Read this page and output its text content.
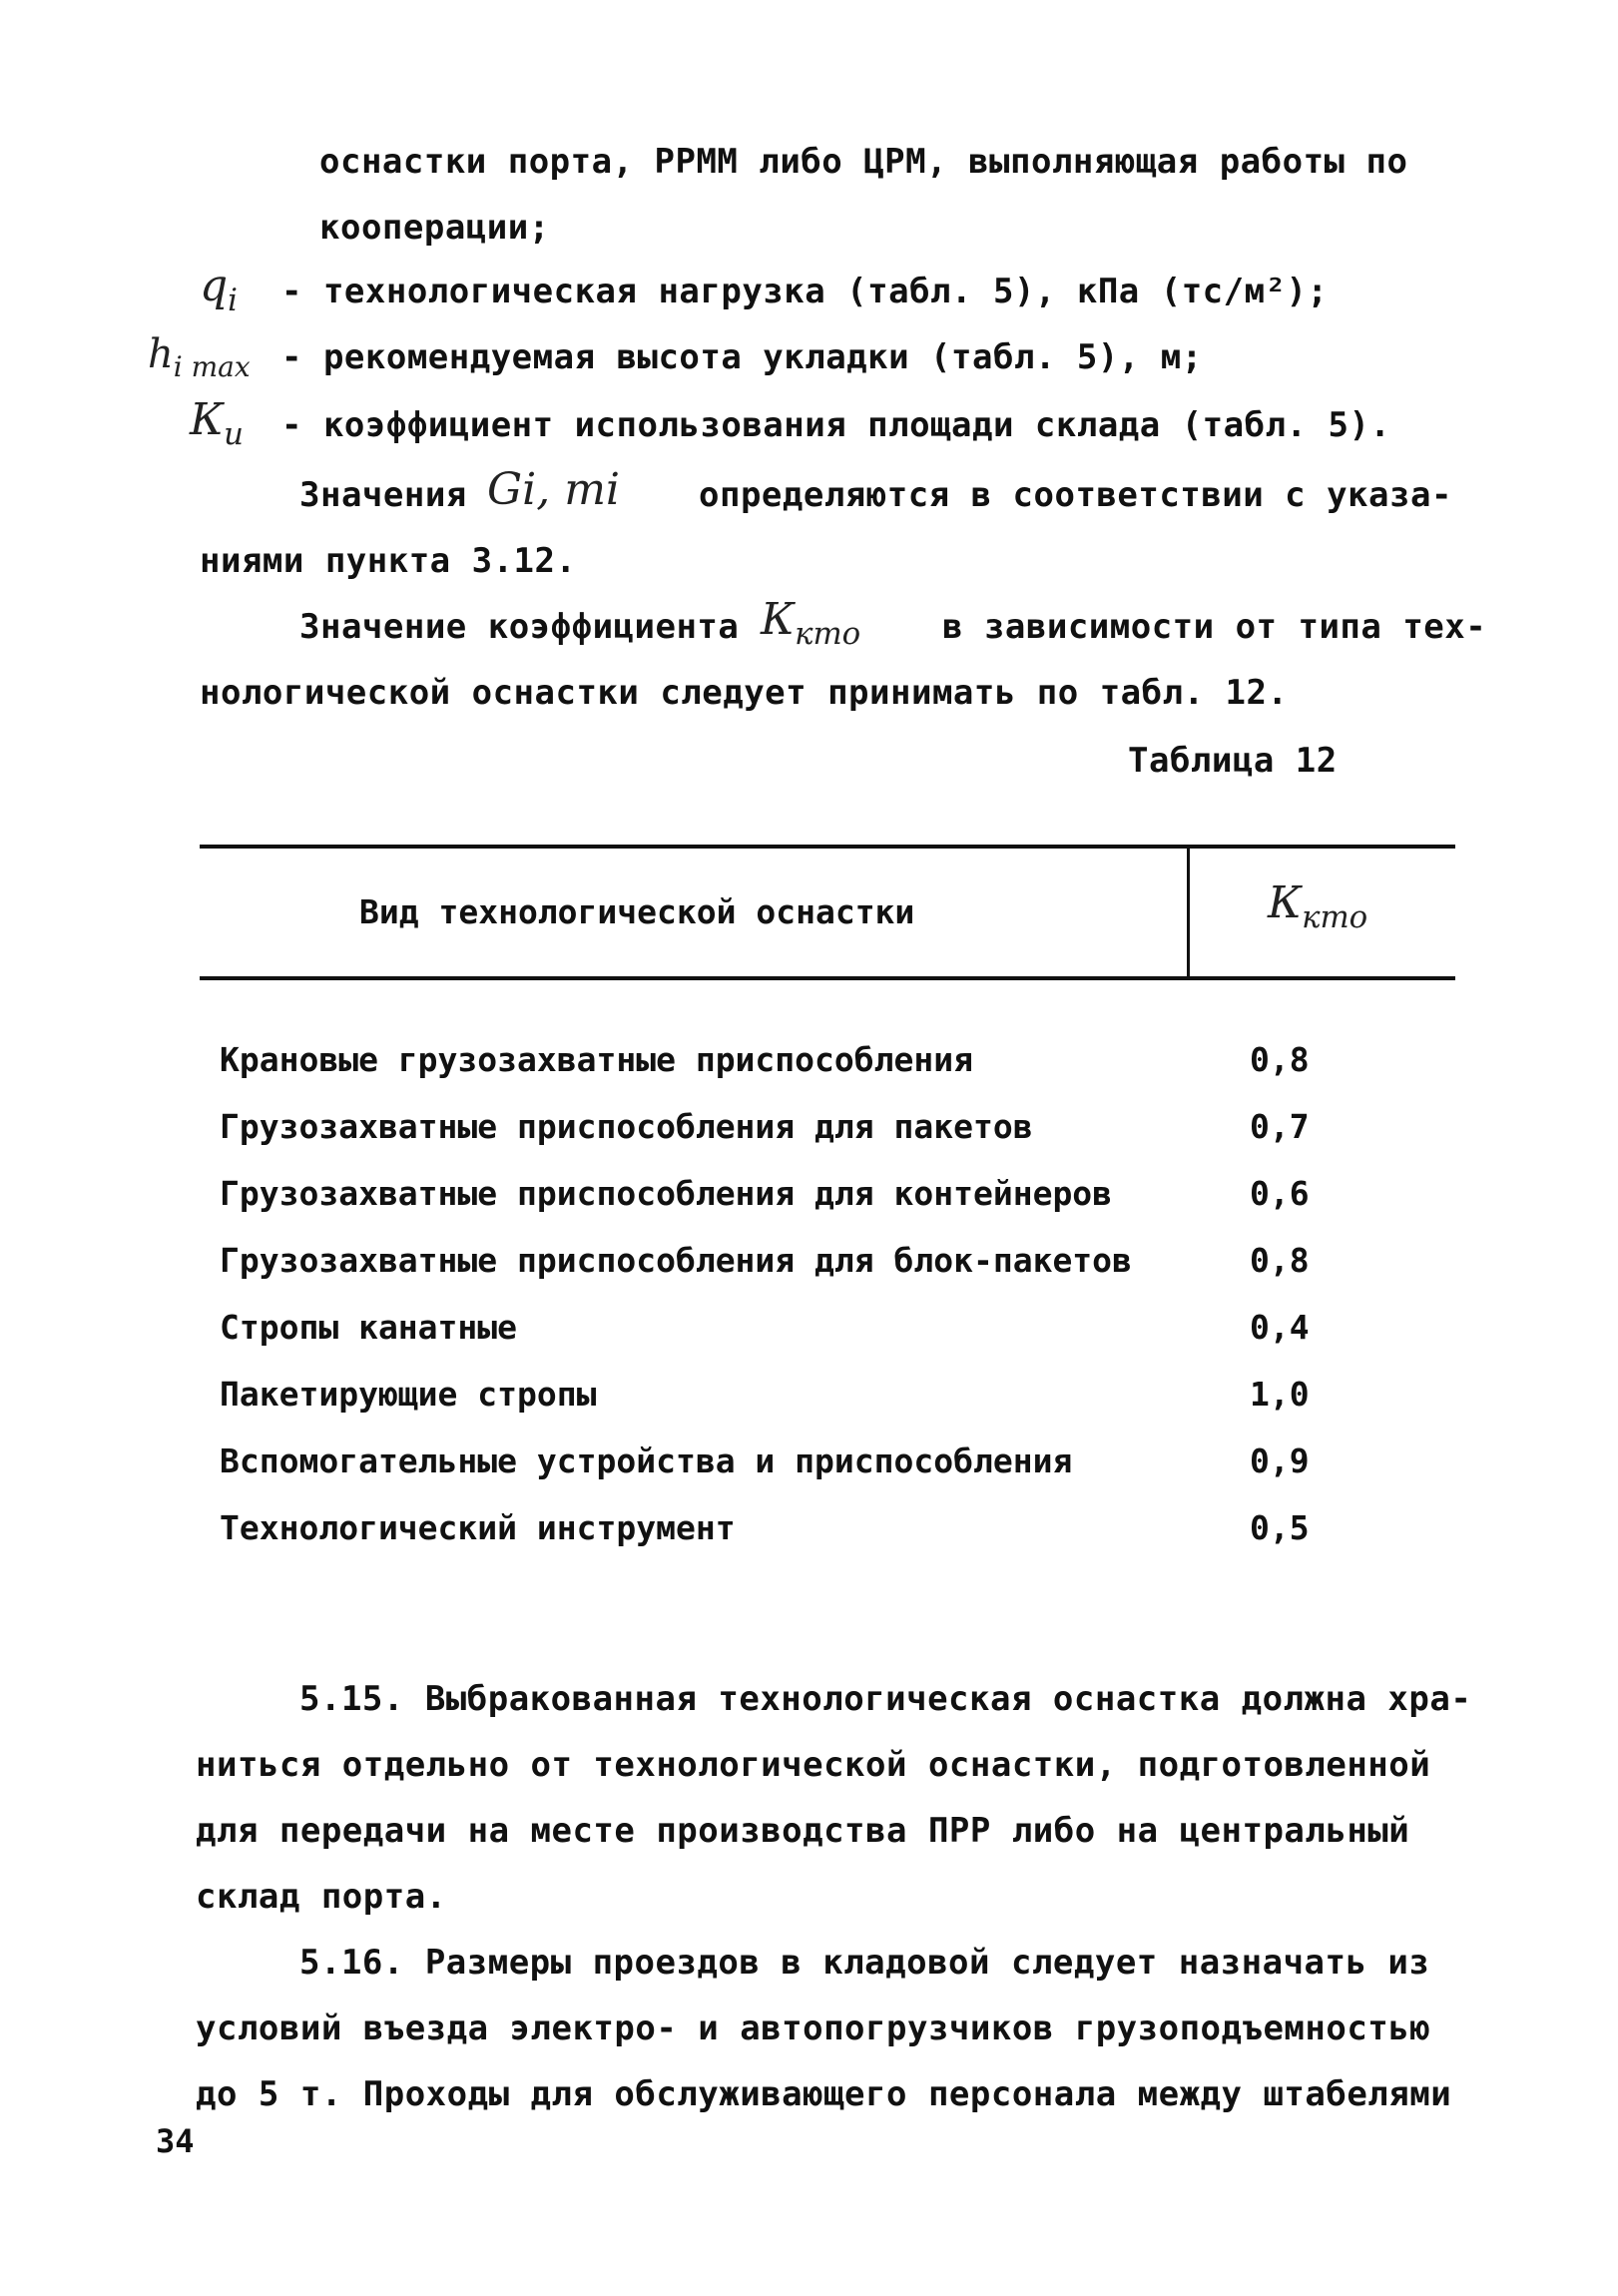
оснастки порта, РРММ либо ЦРМ, выполняющая работы по
кооперации;
$q_i$ - технологическая нагрузка (табл. 5), кПа (тс/м²);
$h_{i max}$ - рекомендуемая высота укладки (табл. 5), м;
$К_и$ - коэффициент использования площади склада (табл. 5).
Значения Gi, mi определяются в соответствии с указа-
ниями пункта 3.12.
Значение коэффициента $К_{кто}$ в зависимости от типа тех-
нологической оснастки следует принимать по табл. 12.
Таблица 12
Вид технологической оснастки	$К_{кто}$
Крановые грузозахватные приспособления	0,8
Грузозахватные приспособления для пакетов	0,7
Грузозахватные приспособления для контейнеров	0,6
Грузозахватные приспособления для блок-пакетов	0,8
Стропы канатные	0,4
Пакетирующие стропы	1,0
Вспомогательные устройства и приспособления	0,9
Технологический инструмент	0,5
5.15. Выбракованная технологическая оснастка должна хра-
ниться отдельно от технологической оснастки, подготовленной
для передачи на месте производства ПРР либо на центральный
склад порта.
5.16. Размеры проездов в кладовой следует назначать из
условий въезда электро- и автопогрузчиков грузоподъемностью
до 5 т. Проходы для обслуживающего персонала между штабелями
34
